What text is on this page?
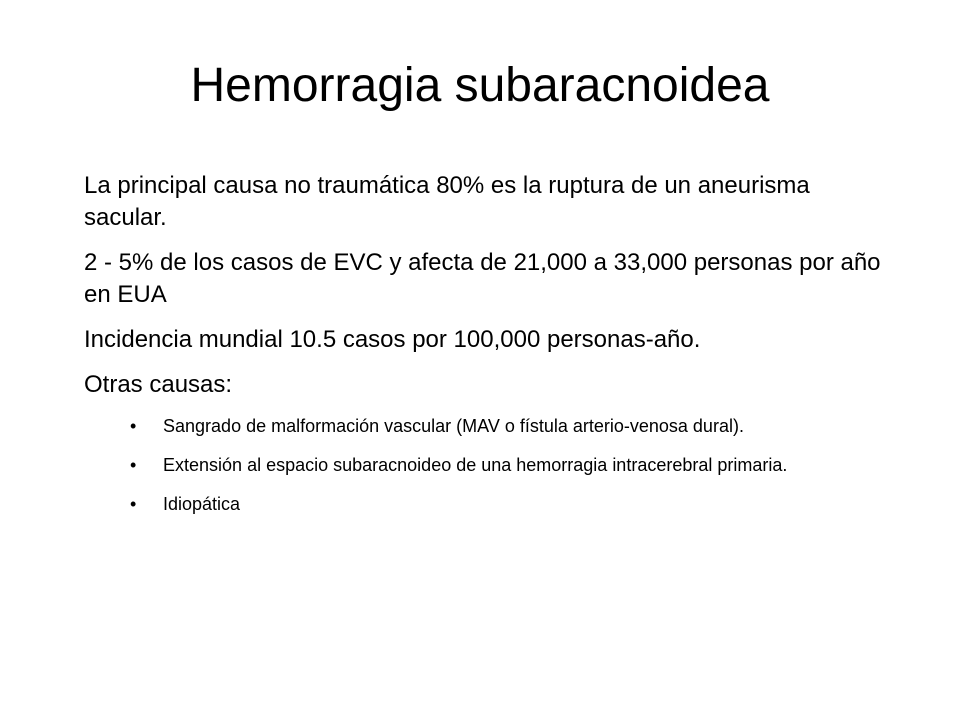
Hemorragia subaracnoidea

La principal causa no traumática 80% es la ruptura de un aneurisma sacular.

2 - 5% de los casos de EVC y afecta de 21,000 a 33,000 personas por año en EUA

Incidencia mundial 10.5 casos por 100,000 personas-año.

Otras causas:

• Sangrado de malformación vascular (MAV o fístula arterio-venosa dural).
• Extensión al espacio subaracnoideo de una hemorragia intracerebral primaria.
• Idiopática
